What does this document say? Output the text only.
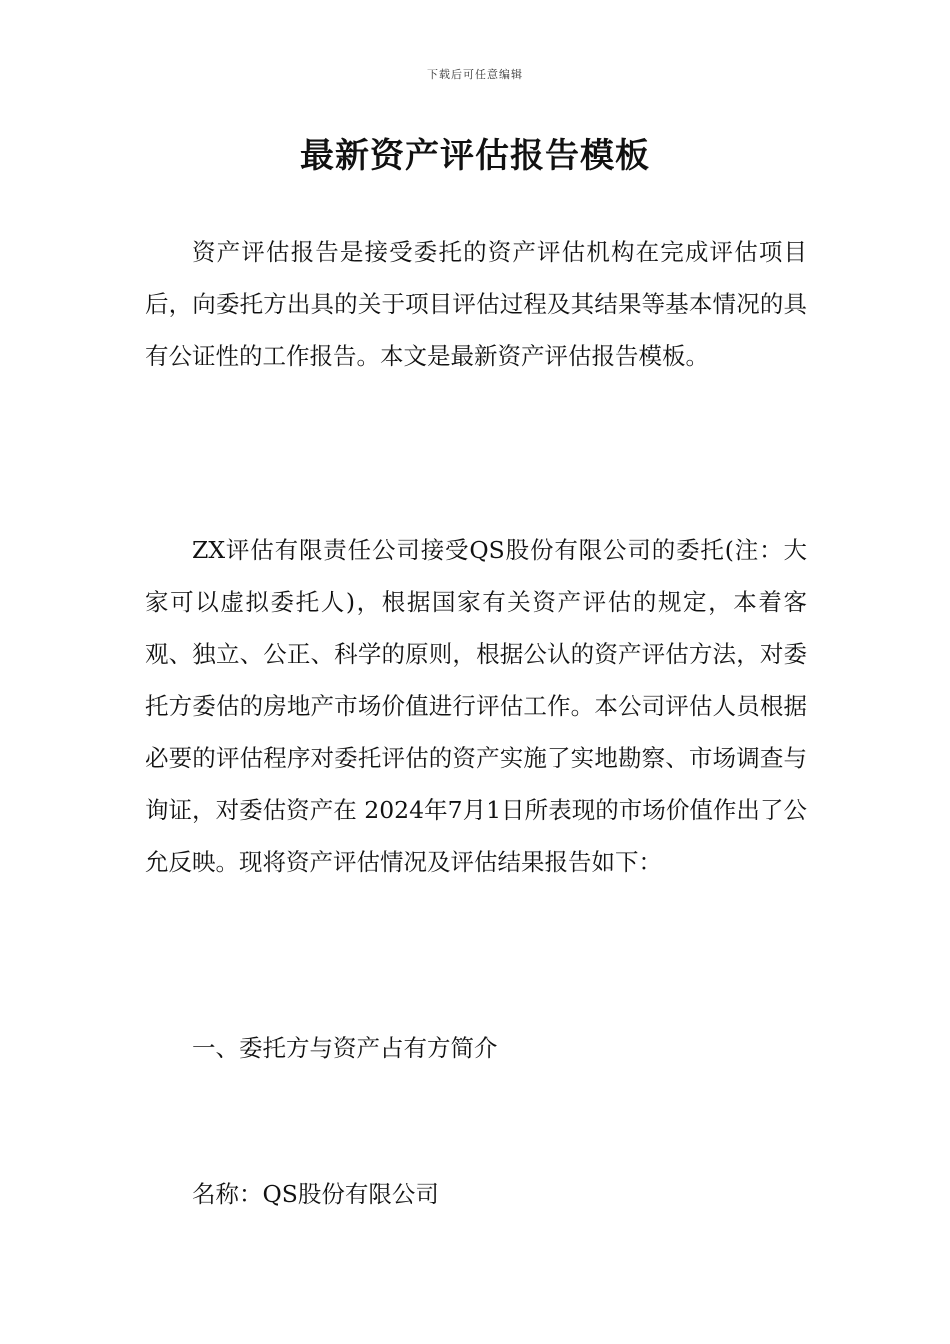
下载后可任意编辑
最新资产评估报告模板

资产评估报告是接受委托的资产评估机构在完成评估项目后，向委托方出具的关于项目评估过程及其结果等基本情况的具有公证性的工作报告。本文是最新资产评估报告模板。

ZX评估有限责任公司接受QS股份有限公司的委托(注：大家可以虚拟委托人)，根据国家有关资产评估的规定，本着客观、独立、公正、科学的原则，根据公认的资产评估方法，对委托方委估的房地产市场价值进行评估工作。本公司评估人员根据必要的评估程序对委托评估的资产实施了实地勘察、市场调查与询证，对委估资产在 2024年7月1日所表现的市场价值作出了公允反映。现将资产评估情况及评估结果报告如下：

一、委托方与资产占有方简介

名称：QS股份有限公司
